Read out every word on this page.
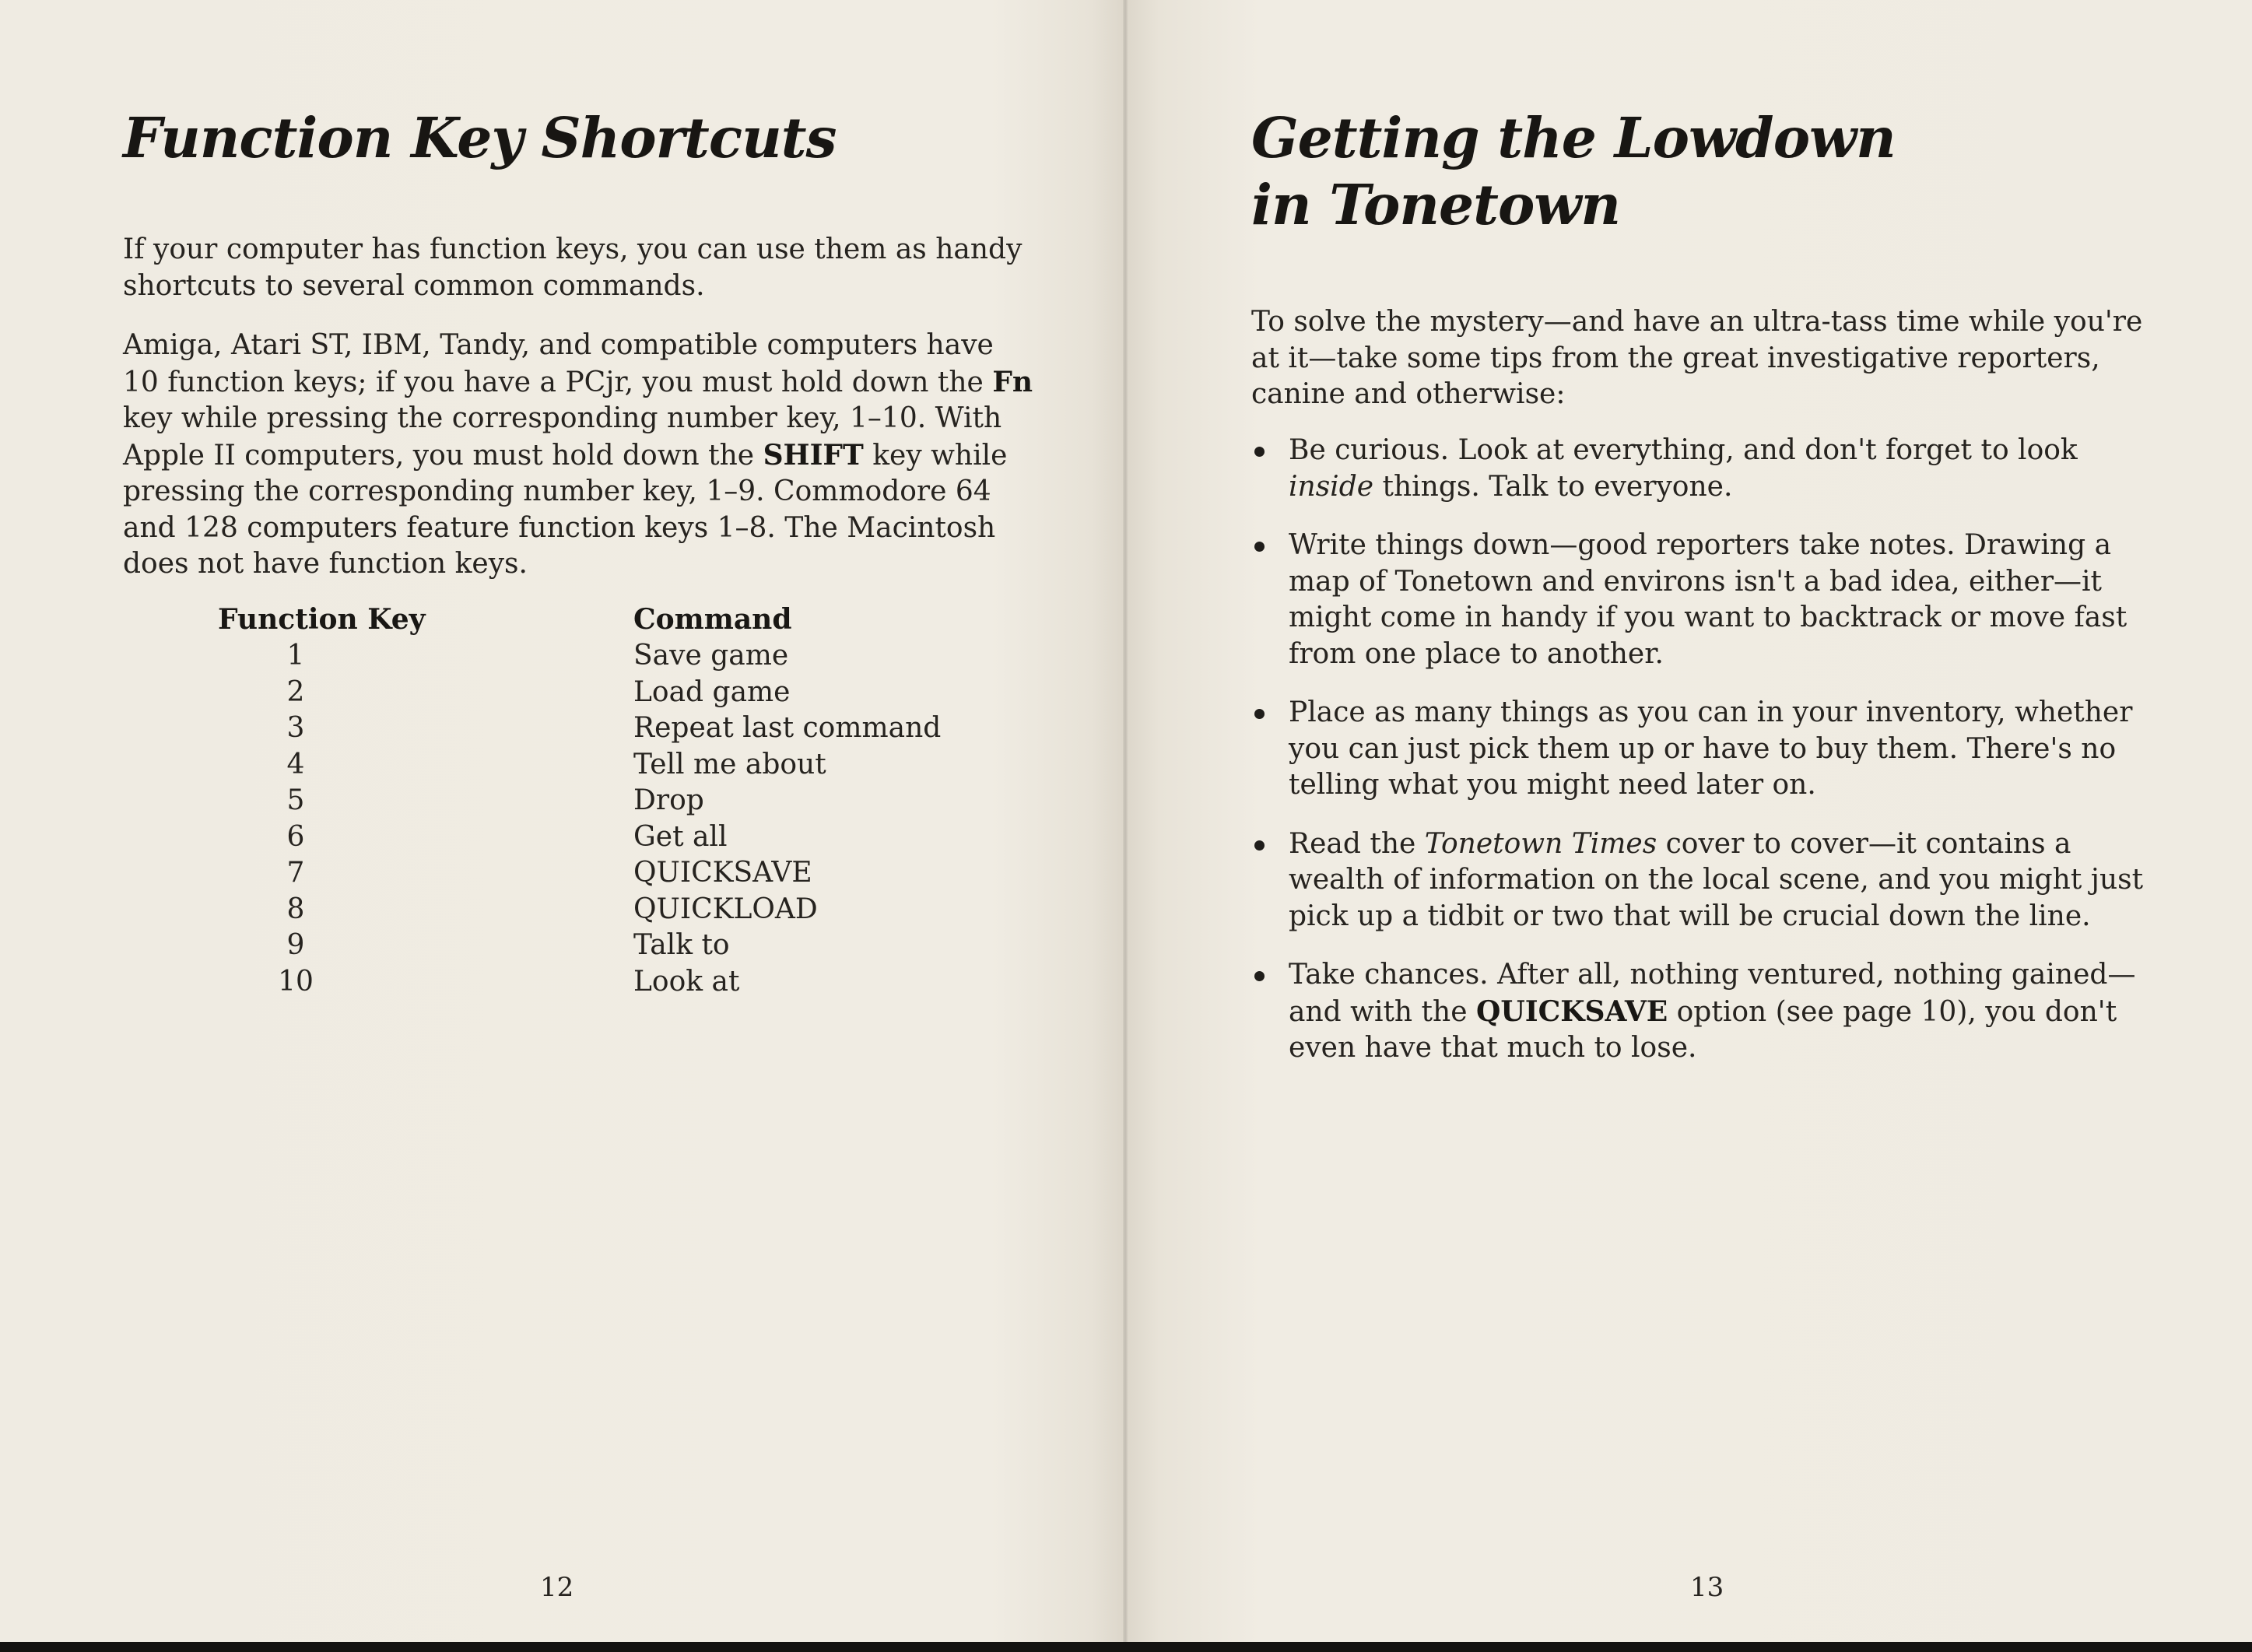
Function Key Shortcuts

If your computer has function keys, you can use them as handy shortcuts to several common commands.

Amiga, Atari ST, IBM, Tandy, and compatible computers have 10 function keys; if you have a PCjr, you must hold down the Fn key while pressing the corresponding number key, 1–10. With Apple II computers, you must hold down the SHIFT key while pressing the corresponding number key, 1–9. Commodore 64 and 128 computers feature function keys 1–8. The Macintosh does not have function keys.

Function Key	Command
1	Save game
2	Load game
3	Repeat last command
4	Tell me about
5	Drop
6	Get all
7	QUICKSAVE
8	QUICKLOAD
9	Talk to
10	Look at
12
Getting the Lowdown
in Tonetown

To solve the mystery—and have an ultra-tass time while you're at it—take some tips from the great investigative reporters, canine and otherwise:

Be curious. Look at everything, and don't forget to look inside things. Talk to everyone.
Write things down—good reporters take notes. Drawing a map of Tonetown and environs isn't a bad idea, either—it might come in handy if you want to backtrack or move fast from one place to another.
Place as many things as you can in your inventory, whether you can just pick them up or have to buy them. There's no telling what you might need later on.
Read the Tonetown Times cover to cover—it contains a wealth of information on the local scene, and you might just pick up a tidbit or two that will be crucial down the line.
Take chances. After all, nothing ventured, nothing gained—and with the QUICKSAVE option (see page 10), you don't even have that much to lose.
13
